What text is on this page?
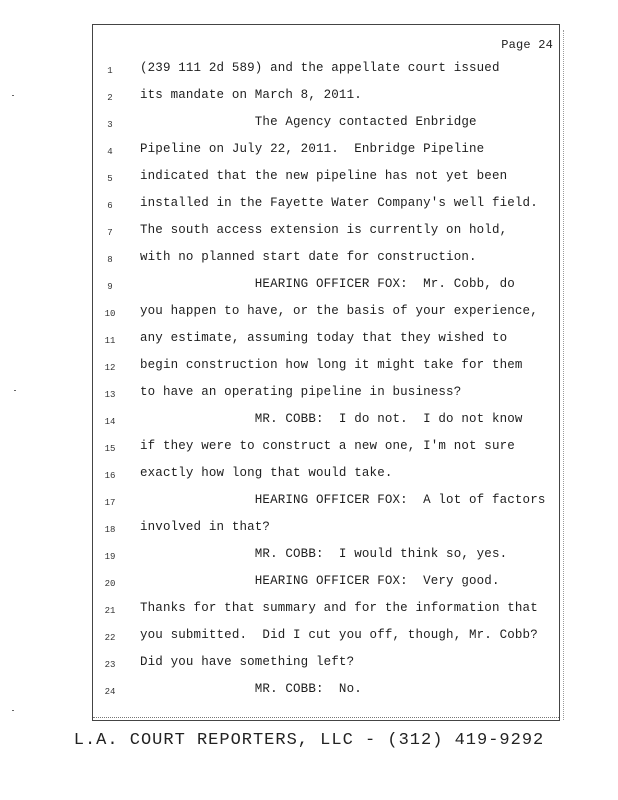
Page 24
1	(239 111 2d 589) and the appellate court issued
2	its mandate on March 8, 2011.
3	The Agency contacted Enbridge
4	Pipeline on July 22, 2011.  Enbridge Pipeline
5	indicated that the new pipeline has not yet been
6	installed in the Fayette Water Company's well field.
7	The south access extension is currently on hold,
8	with no planned start date for construction.
9	HEARING OFFICER FOX:  Mr. Cobb, do
10	you happen to have, or the basis of your experience,
11	any estimate, assuming today that they wished to
12	begin construction how long it might take for them
13	to have an operating pipeline in business?
14	MR. COBB:  I do not.  I do not know
15	if they were to construct a new one, I'm not sure
16	exactly how long that would take.
17	HEARING OFFICER FOX:  A lot of factors
18	involved in that?
19	MR. COBB:  I would think so, yes.
20	HEARING OFFICER FOX:  Very good.
21	Thanks for that summary and for the information that
22	you submitted.  Did I cut you off, though, Mr. Cobb?
23	Did you have something left?
24	MR. COBB:  No.
L.A. COURT REPORTERS, LLC - (312) 419-9292
